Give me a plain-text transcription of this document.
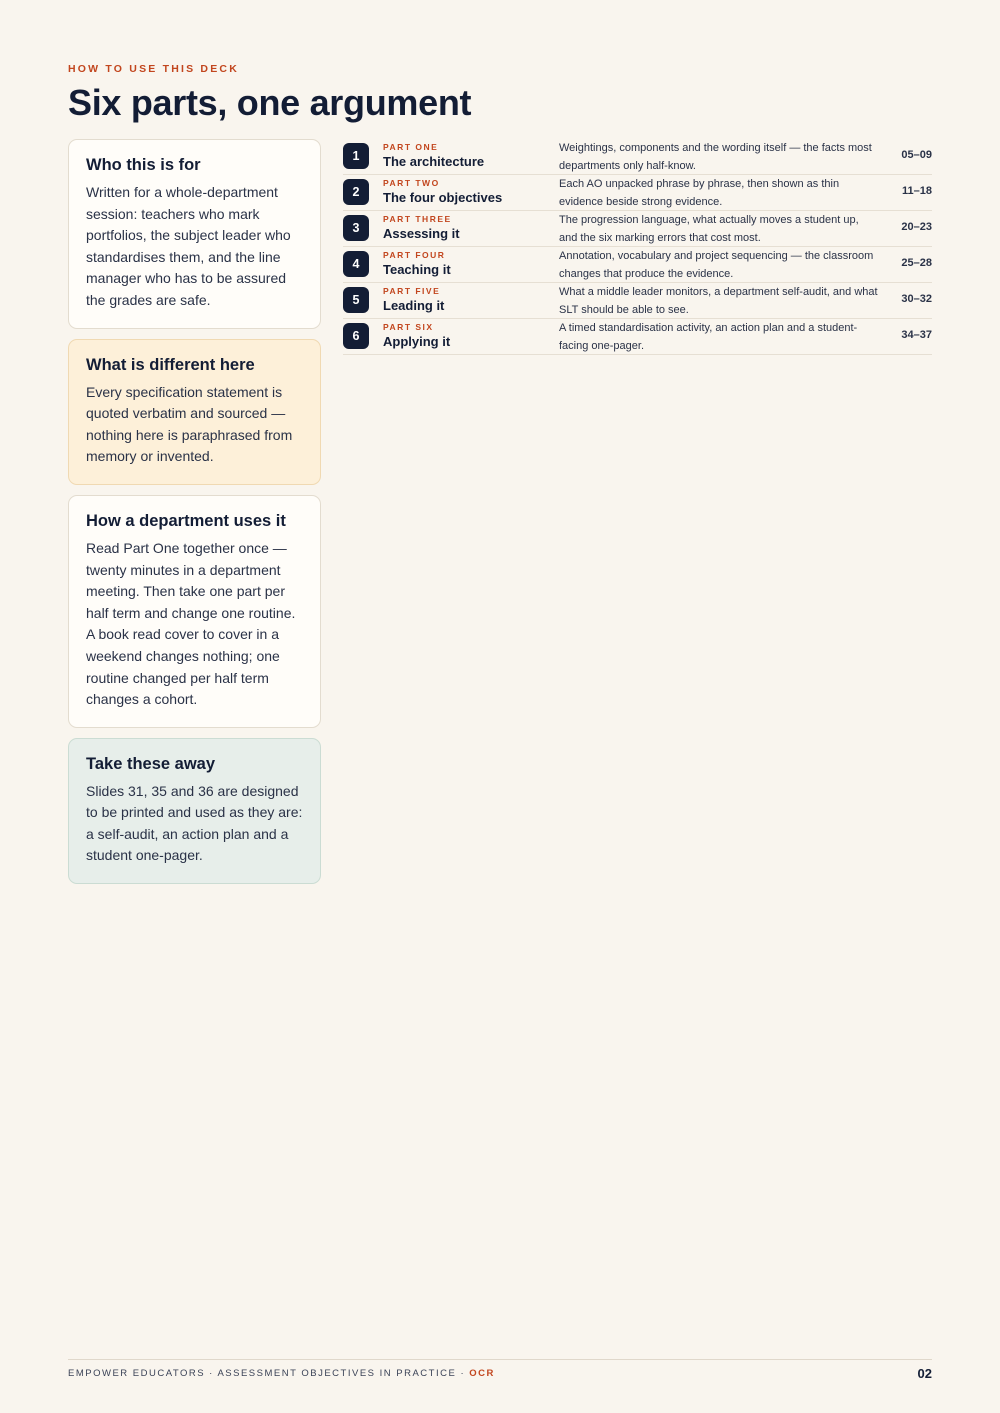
HOW TO USE THIS DECK
Six parts, one argument
Who this is for

Written for a whole-department session: teachers who mark portfolios, the subject leader who standardises them, and the line manager who has to be assured the grades are safe.

What is different here

Every specification statement is quoted verbatim and sourced — nothing here is paraphrased from memory or invented.

How a department uses it

Read Part One together once — twenty minutes in a department meeting. Then take one part per half term and change one routine. A book read cover to cover in a weekend changes nothing; one routine changed per half term changes a cohort.

Take these away

Slides 31, 35 and 36 are designed to be printed and used as they are: a self-audit, an action plan and a student one-pager.

1
PART ONE
The architecture
Weightings, components and the wording itself — the facts most departments only half-know.
05–09
2
PART TWO
The four objectives
Each AO unpacked phrase by phrase, then shown as thin evidence beside strong evidence.
11–18
3
PART THREE
Assessing it
The progression language, what actually moves a student up, and the six marking errors that cost most.
20–23
4
PART FOUR
Teaching it
Annotation, vocabulary and project sequencing — the classroom changes that produce the evidence.
25–28
5
PART FIVE
Leading it
What a middle leader monitors, a department self-audit, and what SLT should be able to see.
30–32
6
PART SIX
Applying it
A timed standardisation activity, an action plan and a student-facing one-pager.
34–37
EMPOWER EDUCATORS · ASSESSMENT OBJECTIVES IN PRACTICE · OCR	02
